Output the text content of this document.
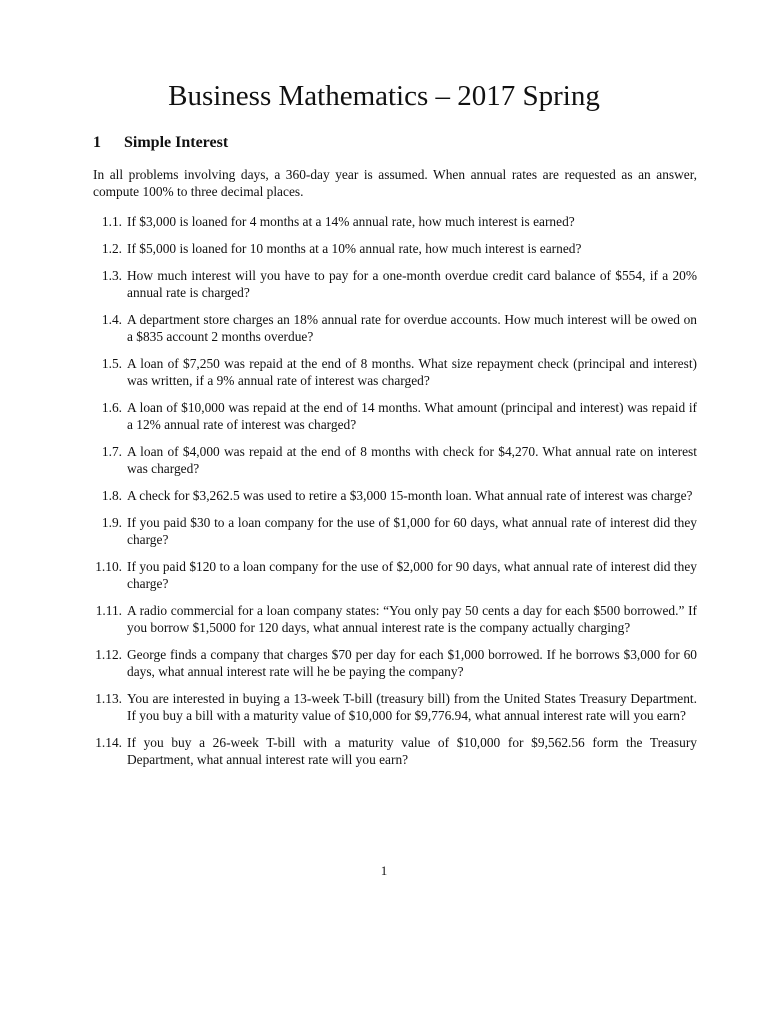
Business Mathematics – 2017 Spring
1 Simple Interest

In all problems involving days, a 360-day year is assumed. When annual rates are requested as an answer, compute 100% to three decimal places.

1.1. If $3,000 is loaned for 4 months at a 14% annual rate, how much interest is earned?
1.2. If $5,000 is loaned for 10 months at a 10% annual rate, how much interest is earned?
1.3. How much interest will you have to pay for a one-month overdue credit card balance of $554, if a 20% annual rate is charged?
1.4. A department store charges an 18% annual rate for overdue accounts. How much interest will be owed on a $835 account 2 months overdue?
1.5. A loan of $7,250 was repaid at the end of 8 months. What size repayment check (principal and interest) was written, if a 9% annual rate of interest was charged?
1.6. A loan of $10,000 was repaid at the end of 14 months. What amount (principal and interest) was repaid if a 12% annual rate of interest was charged?
1.7. A loan of $4,000 was repaid at the end of 8 months with check for $4,270. What annual rate on interest was charged?
1.8. A check for $3,262.5 was used to retire a $3,000 15-month loan. What annual rate of interest was charge?
1.9. If you paid $30 to a loan company for the use of $1,000 for 60 days, what annual rate of interest did they charge?
1.10. If you paid $120 to a loan company for the use of $2,000 for 90 days, what annual rate of interest did they charge?
1.11. A radio commercial for a loan company states: “You only pay 50 cents a day for each $500 borrowed.” If you borrow $1,5000 for 120 days, what annual interest rate is the company actually charging?
1.12. George finds a company that charges $70 per day for each $1,000 borrowed. If he borrows $3,000 for 60 days, what annual interest rate will he be paying the company?
1.13. You are interested in buying a 13-week T-bill (treasury bill) from the United States Treasury Department. If you buy a bill with a maturity value of $10,000 for $9,776.94, what annual interest rate will you earn?
1.14. If you buy a 26-week T-bill with a maturity value of $10,000 for $9,562.56 form the Treasury Department, what annual interest rate will you earn?
1
